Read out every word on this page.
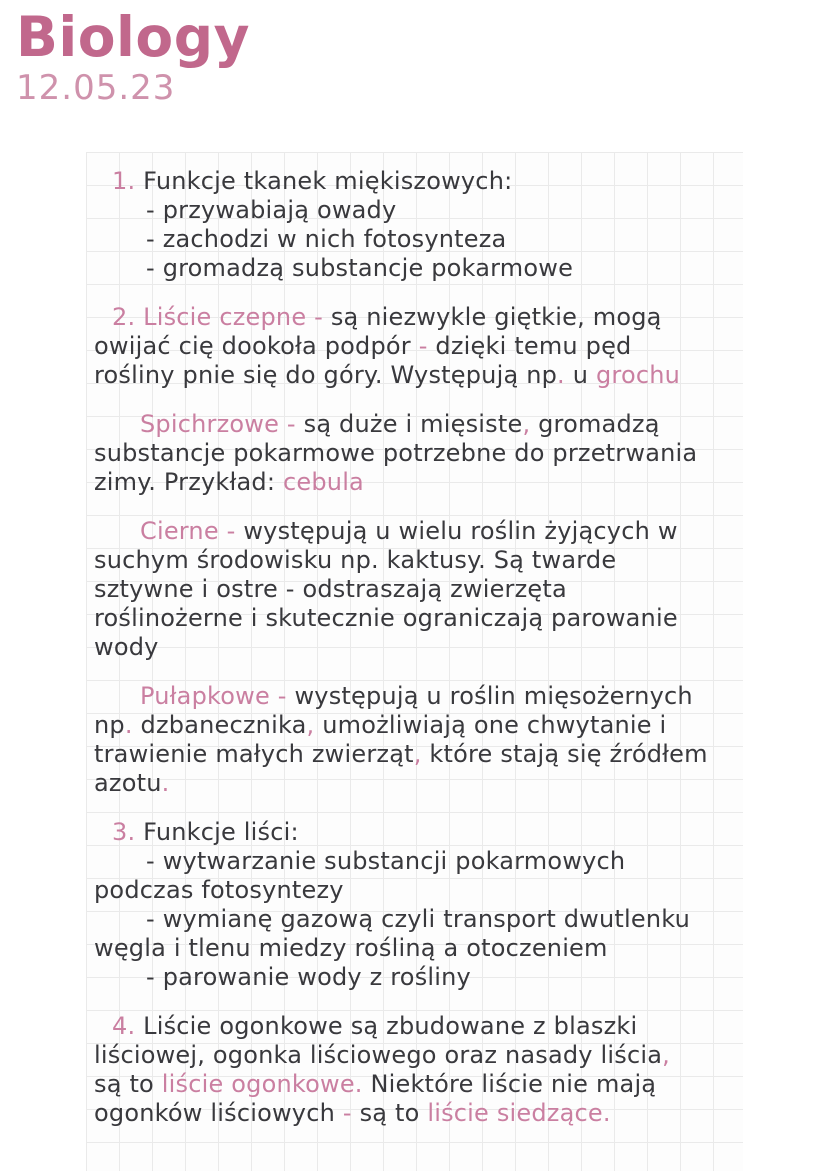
Biology
12.05.23
1. Funkcje tkanek miękiszowych:
- przywabiają owady
- zachodzi w nich fotosynteza
- gromadzą substancje pokarmowe
2. Liście czepne - są niezwykle giętkie, mogą
owijać cię dookoła podpór - dzięki temu pęd
rośliny pnie się do góry. Występują np. u grochu
Spichrzowe - są duże i mięsiste, gromadzą
substancje pokarmowe potrzebne do przetrwania
zimy. Przykład: cebula
Cierne - występują u wielu roślin żyjących w
suchym środowisku np. kaktusy. Są twarde
sztywne i ostre - odstraszają zwierzęta
roślinożerne i skutecznie ograniczają parowanie
wody
Pułapkowe - występują u roślin mięsożernych
np. dzbanecznika, umożliwiają one chwytanie i
trawienie małych zwierząt, które stają się źródłem
azotu.
3. Funkcje liści:
- wytwarzanie substancji pokarmowych
podczas fotosyntezy
- wymianę gazową czyli transport dwutlenku
węgla i tlenu miedzy rośliną a otoczeniem
- parowanie wody z rośliny
4. Liście ogonkowe są zbudowane z blaszki
liściowej, ogonka liściowego oraz nasady liścia,
są to liście ogonkowe. Niektóre liście nie mają
ogonków liściowych - są to liście siedzące.
